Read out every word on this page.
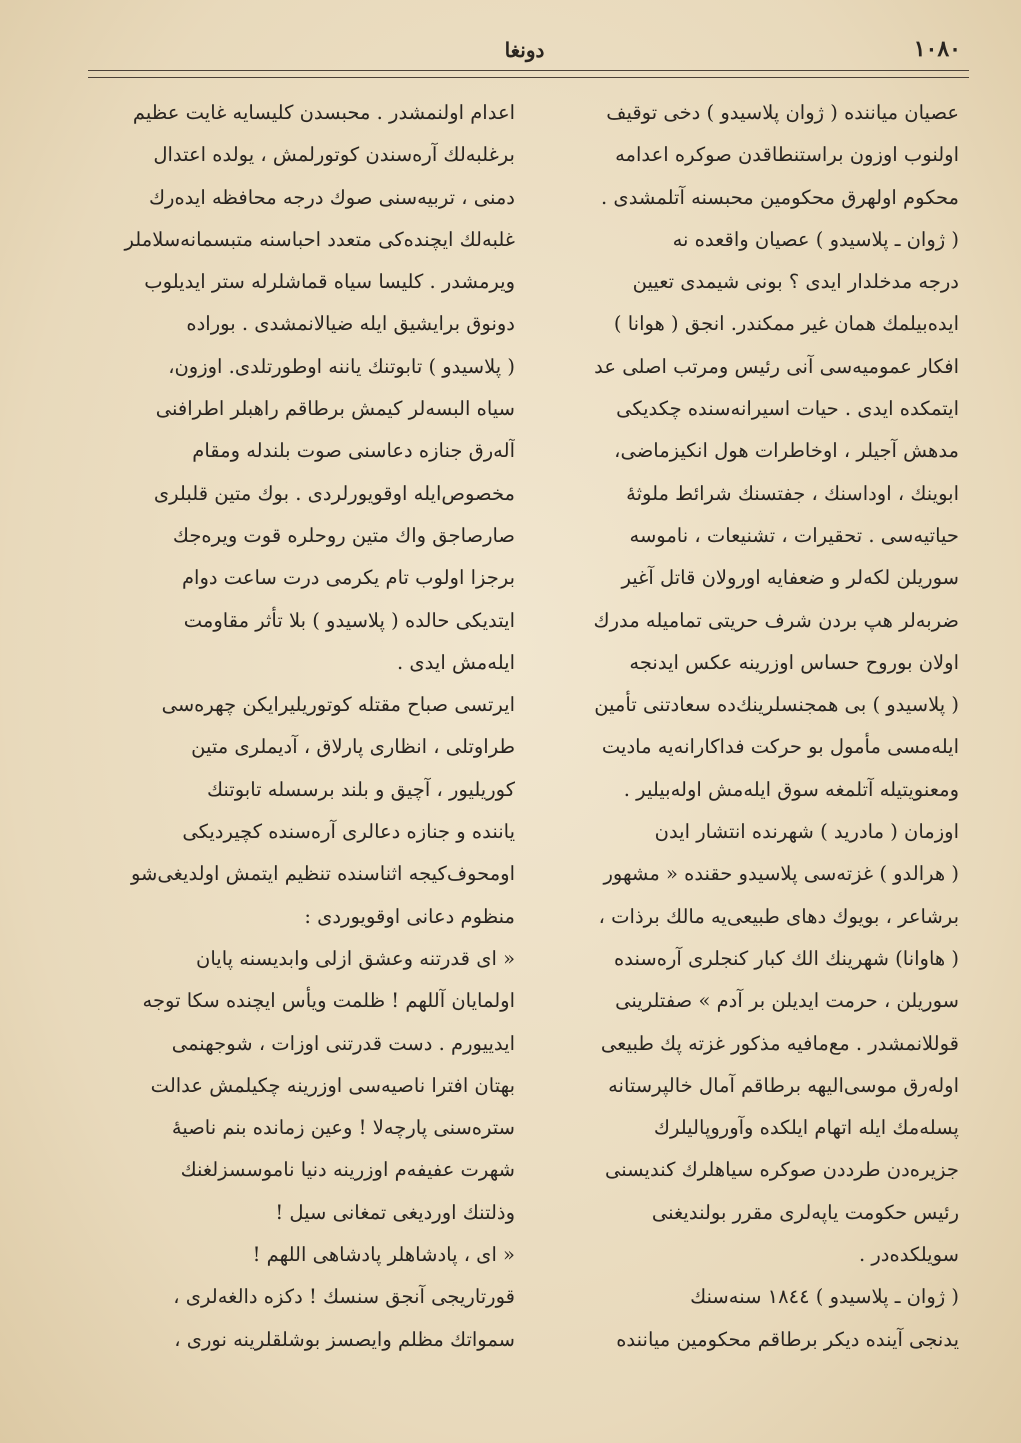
١٠٨٠
دونغا
عصیان میاننده ( ژوان پلاسیدو ) دخی توقیف
اولنوب اوزون براستنطاقدن صوکره اعدامه
محکوم اولهرق محکومین محبسنه آتلمشدی .
( ژوان ـ پلاسیدو ) عصیان واقعده نه
درجه مدخلدار ایدی ؟ بونی شیمدی تعیین
ایده‌بیلمك همان غیر ممکندر. انجق ( هوانا )
افکار عمومیه‌سی آنی رئیس ومرتب اصلی عد
ایتمکده ایدی . حیات اسیرانه‌سنده چکدیکی
مدهش آجیلر ، اوخاطرات هول انکیزماضی،
ابوینك ، اوداسنك ، جفتسنك شرائط ملوثهٔ
حیاتیه‌سی . تحقیرات ، تشنیعات ، ناموسه
سوریلن لکه‌لر و ضعفایه اورولان قاتل آغیر
ضربه‌لر هپ بردن شرف حریتی تمامیله مدرك
اولان بوروح حساس اوزرینه عکس ایدنجه
( پلاسیدو ) بی همجنسلرینك‌ده سعادتنی تأمین
ایله‌مسی مأمول بو حرکت فداکارانه‌یه مادیت
ومعنویتیله آتلمغه سوق ایله‌مش اوله‌بیلیر .
اوزمان ( مادرید ) شهرنده انتشار ایدن
( هرالدو ) غزته‌سی پلاسیدو حقنده « مشهور
برشاعر ، بویوك دهای طبیعی‌یه مالك برذات ،
( هاوانا) شهرینك الك کبار کنجلری آره‌سنده
سوریلن ، حرمت ایدیلن بر آدم » صفتلرینی
قوللانمشدر . مع‌مافیه مذکور غزته پك طبیعی
اوله‌رق موسی‌الیهه برطاقم آمال خالپرستانه
پسله‌مك ایله اتهام ایلکده وآوروپالیلرك
جزیره‌دن طرددن صوکره سیاهلرك کندیسنی
رئیس حکومت یاپه‌لری مقرر بولندیغنی
سویلکده‌در .
( ژوان ـ پلاسیدو ) ١٨٤٤ سنه‌سنك
یدنجی آینده دیکر برطاقم محکومین میاننده
اعدام اولنمشدر . محبسدن کلیسایه غایت عظیم
برغلبه‌لك آره‌سندن کوتورلمش ، یولده اعتدال
دمنی ، تربیه‌سنی صوك درجه محافظه ایده‌رك
غلبه‌لك ایچنده‌کی متعدد احباسنه متبسمانه‌سلاملر
ویرمشدر . کلیسا سیاه قماشلرله ستر ایدیلوب
دونوق برایشیق ایله ضیالانمشدی . بورادە
( پلاسیدو ) تابوتنك یاننه اوطورتلدی. اوزون،
سیاه البسه‌لر کیمش برطاقم راهبلر اطرافنی
آله‌رق جنازه دعاسنی صوت بلندله ومقام
مخصوص‌ایله اوقویورلردی . بوك متین قلبلری
صارصاجق واك متین روحلره قوت ویره‌جك
برجزا اولوب تام یکرمی درت ساعت دوام
ایتدیکی حالده ( پلاسیدو ) بلا تأثر مقاومت
ایله‌مش ایدی .
ایرتسی صباح مقتله کوتوریلیرایکن چهره‌سی
طراوتلی ، انظاری پارلاق ، آدیملری متین
کوریلیور ، آچیق و بلند برسسله تابوتنك
یاننده و جنازه دعالری آره‌سنده کچیردیکی
اومحوف‌کیجه اثناسنده تنظیم ایتمش اولدیغی‌شو
منظوم دعانی اوقویوردی :
« ای قدرتنه وعشق ازلی وابدیسنه پایان
اولمایان آللهم ! ظلمت ویأس ایچنده سکا توجه
ایدییورم . دست قدرتنی اوزات ، شوجهنمی
بهتان افترا ناصیه‌سی اوزرینه چکیلمش عدالت
سترەسنی پارچه‌لا ! وعین زمانده بنم ناصیهٔ
شهرت عفیفه‌م اوزرینه دنیا ناموسسزلغنك
وذلتنك اوردیغی تمغانی سیل !
« ای ، پادشاهلر پادشاهی اللهم !
قورتاریجی آنجق سنسك ! دکزه دالغه‌لری ،
سمواتك مظلم وایصسز بوشلقلرینه نوری ،
